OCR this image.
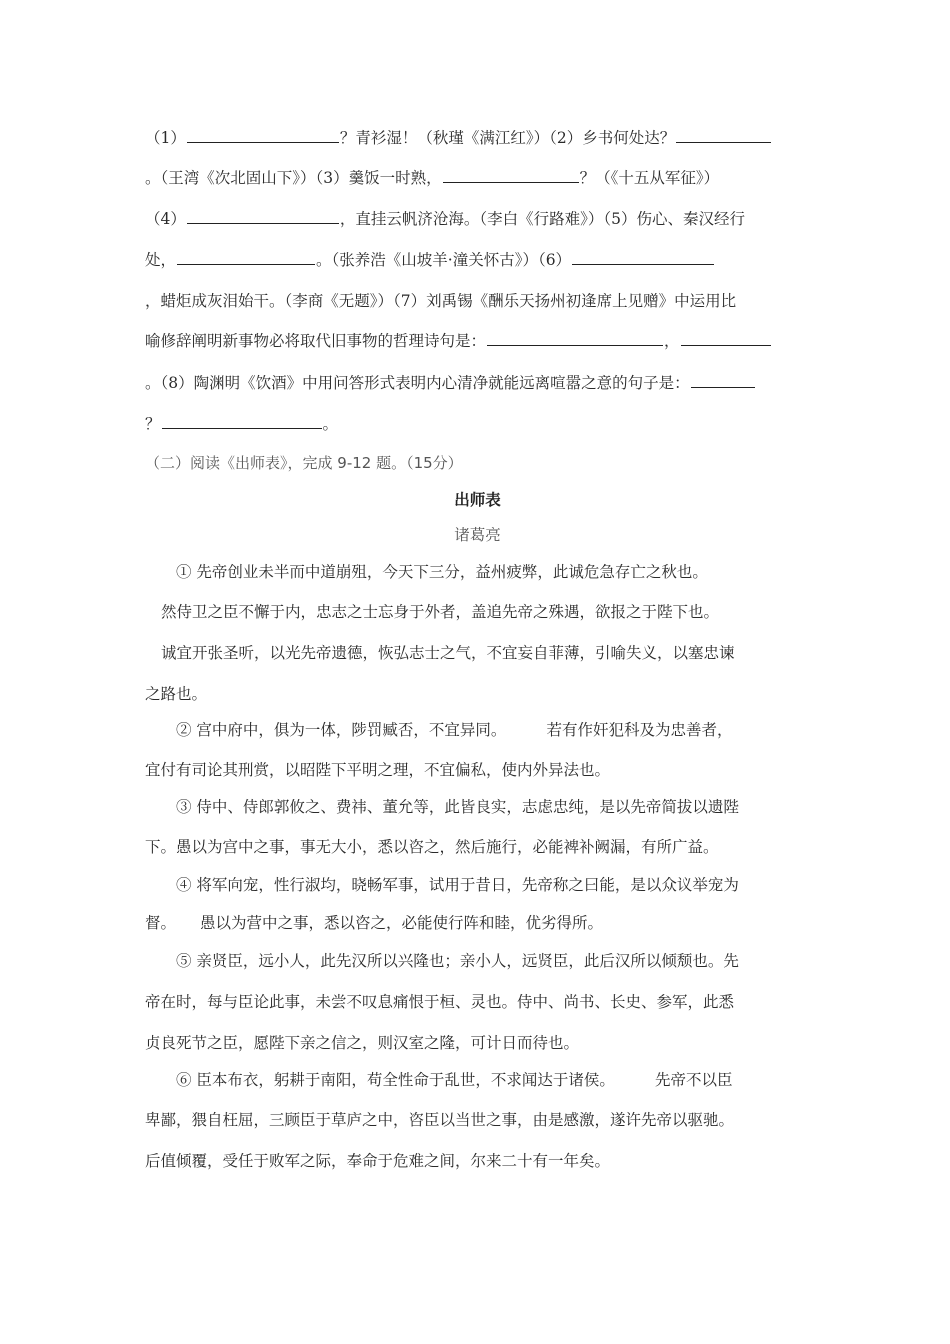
（1）	？青衫湿！（秋瑾《满江红》）（2）乡书何处达？
。（王湾《次北固山下》）（3）羹饭一时熟，	？（《十五从军征》）
（4）	，直挂云帆济沧海。（李白《行路难》）（5）伤心、秦汉经行
处，	。（张养浩《山坡羊·潼关怀古》）（6）
，蜡炬成灰泪始干。（李商《无题》）（7）刘禹锡《酬乐天扬州初逢席上见赠》中运用比
喻修辞阐明新事物必将取代旧事物的哲理诗句是：	，
。（8）陶渊明《饮酒》中用问答形式表明内心清净就能远离喧嚣之意的句子是：
？	。
（二）阅读《出师表》，完成 9-12 题。（15分）
出师表
诸葛亮
① 先帝创业未半而中道崩殂，今天下三分，益州疲弊，此诚危急存亡之秋也。
然侍卫之臣不懈于内，忠志之士忘身于外者，盖追先帝之殊遇，欲报之于陛下也。
诚宜开张圣听，以光先帝遗德，恢弘志士之气，不宜妄自菲薄，引喻失义，以塞忠谏
之路也。
② 宫中府中，俱为一体，陟罚臧否，不宜异同。	若有作奸犯科及为忠善者，
宜付有司论其刑赏，以昭陛下平明之理，不宜偏私，使内外异法也。
③ 侍中、侍郎郭攸之、费祎、董允等，此皆良实，志虑忠纯，是以先帝简拔以遗陛
下。愚以为宫中之事，事无大小，悉以咨之，然后施行，必能裨补阙漏，有所广益。
④ 将军向宠，性行淑均，晓畅军事，试用于昔日，先帝称之曰能，是以众议举宠为
督。 愚以为营中之事，悉以咨之，必能使行阵和睦，优劣得所。
⑤ 亲贤臣，远小人，此先汉所以兴隆也；亲小人，远贤臣，此后汉所以倾颓也。先
帝在时，每与臣论此事，未尝不叹息痛恨于桓、灵也。侍中、尚书、长史、参军，此悉
贞良死节之臣，愿陛下亲之信之，则汉室之隆，可计日而待也。
⑥ 臣本布衣，躬耕于南阳，苟全性命于乱世，不求闻达于诸侯。	先帝不以臣
卑鄙，猥自枉屈，三顾臣于草庐之中，咨臣以当世之事，由是感激，遂许先帝以驱驰。
后值倾覆，受任于败军之际，奉命于危难之间，尔来二十有一年矣。
